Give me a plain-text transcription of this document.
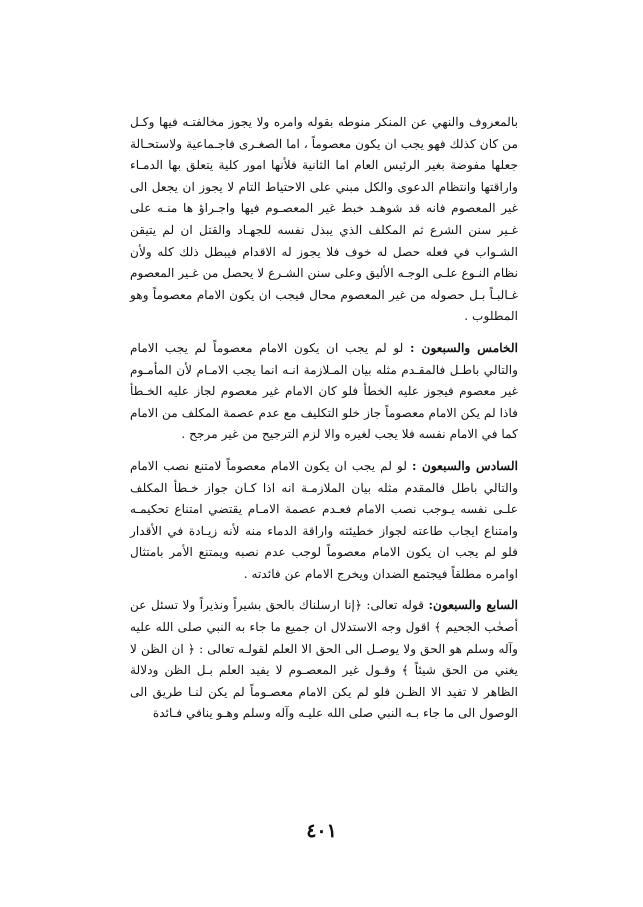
بالمعروف والنهي عن المنكر منوطه بقوله وامره ولا يجوز مخالفتـه فيها وكـل من كان كذلك فهو يجب ان يكون معصوماً ، اما الصغـرى فاجـماعية ولاستحـالة جعلها مفوضة بغير الرئيس العام اما الثانية فلأنها امور كلية يتعلق بها الدمـاء واراقتها وانتظام الدعوى والكل مبني على الاحتياط التام لا يجوز ان يجعل الى غير المعصوم فانه قد شوهـد خبط غير المعصـوم فيها واجـراؤ ها منـه على غـير سنن الشرع ثم المكلف الذي يبذل نفسه للجهـاد والقتل ان لم يتيقن الشـواب في فعله حصل له خوف فلا يجوز له الاقدام فيبطل ذلك كله ولأن نظام النـوع علـى الوجـه الأليق وعلى سنن الشـرع لا يحصل من غـير المعصوم غـالبـاً بـل حصوله من غير المعصوم محال فيجب ان يكون الامام معصوماً وهو المطلوب .

الخامس والسبعون : لو لم يجب ان يكون الامام معصوماً لم يجب الامام والتالي باطـل فالمقـدم مثله بيان المـلازمة انـه انما يجب الامـام لأن المأمـوم غير معصوم فيجوز عليه الخطأ فلو كان الامام غير معصوم لجاز عليه الخـطأ فاذا لم يكن الامام معصوماً جاز خلو التكليف مع عدم عصمة المكلف من الامام كما في الامام نفسه فلا يجب لغيره والا لزم الترجيح من غير مرجح .

السادس والسبعون : لو لم يجب ان يكون الامام معصوماً لامتنع نصب الامام والتالي باطل فالمقدم مثله بيان الملازمـة انه اذا كـان جواز خـطأ المكلف علـى نفسه يـوجب نصب الامام فعـدم عصمة الامـام يقتضي امتناع تحكيمـه وامتناع ايجاب طاعته لجواز خطيئته واراقة الدماء منه لأنه زيـادة في الأقدار فلو لم يجب ان يكون الامام معصوماً لوجب عدم نصبه ويمتنع الأمر بامتثال اوامره مطلقاً فيجتمع الضدان ويخرج الامام عن فائدته .

السابع والسبعون: قوله تعالى: ﴿إنا ارسلناك بالحق بشيراً ونذيراً ولا تسئل عن أصحٰب الجحيم ﴾ اقول وجه الاستدلال ان جميع ما جاء به النبي صلى الله عليه وآله وسلم هو الحق ولا يوصـل الى الحق الا العلم لقولـه تعالى : ﴿ ان الظن لا يغني من الحق شيئاً ﴾ وقـول غير المعصـوم لا يفيد العلم بـل الظن ودلالة الظاهر لا تفيد الا الظـن فلو لم يكن الامام معصـوماً لم يكن لنـا طريق الى الوصول الى ما جاء بـه النبي صلى الله عليـه وآله وسلم وهـو ينافي فـائدة

٤٠١
